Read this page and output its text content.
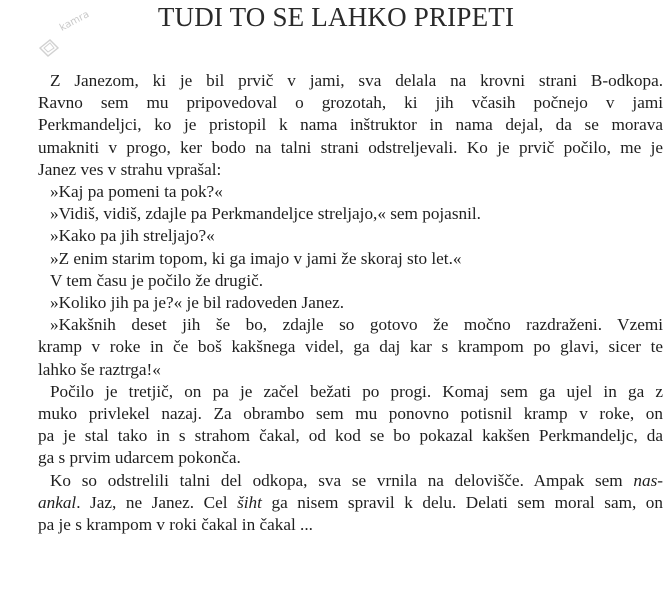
TUDI TO SE LAHKO PRIPETI
kamra
Z Janezom, ki je bil prvič v jami, sva delala na krovni strani B-odkopa.
Ravno sem mu pripovedoval o grozotah, ki jih včasih počnejo v jami
Perkmandeljci, ko je pristopil k nama inštruktor in nama dejal, da se morava
umakniti v progo, ker bodo na talni strani odstreljevali. Ko je prvič počilo, me je
Janez ves v strahu vprašal:
»Kaj pa pomeni ta pok?«
»Vidiš, vidiš, zdajle pa Perkmandeljce streljajo,« sem pojasnil.
»Kako pa jih streljajo?«
»Z enim starim topom, ki ga imajo v jami že skoraj sto let.«
V tem času je počilo že drugič.
»Koliko jih pa je?« je bil radoveden Janez.
»Kakšnih deset jih še bo, zdajle so gotovo že močno razdraženi. Vzemi
kramp v roke in če boš kakšnega videl, ga daj kar s krampom po glavi, sicer te
lahko še raztrga!«
Počilo je tretjič, on pa je začel bežati po progi. Komaj sem ga ujel in ga z
muko privlekel nazaj. Za obrambo sem mu ponovno potisnil kramp v roke, on
pa je stal tako in s strahom čakal, od kod se bo pokazal kakšen Perkmandeljc, da
ga s prvim udarcem pokonča.
Ko so odstrelili talni del odkopa, sva se vrnila na delovišče. Ampak sem nas-
ankal. Jaz, ne Janez. Cel šiht ga nisem spravil k delu. Delati sem moral sam, on
pa je s krampom v roki čakal in čakal ...
